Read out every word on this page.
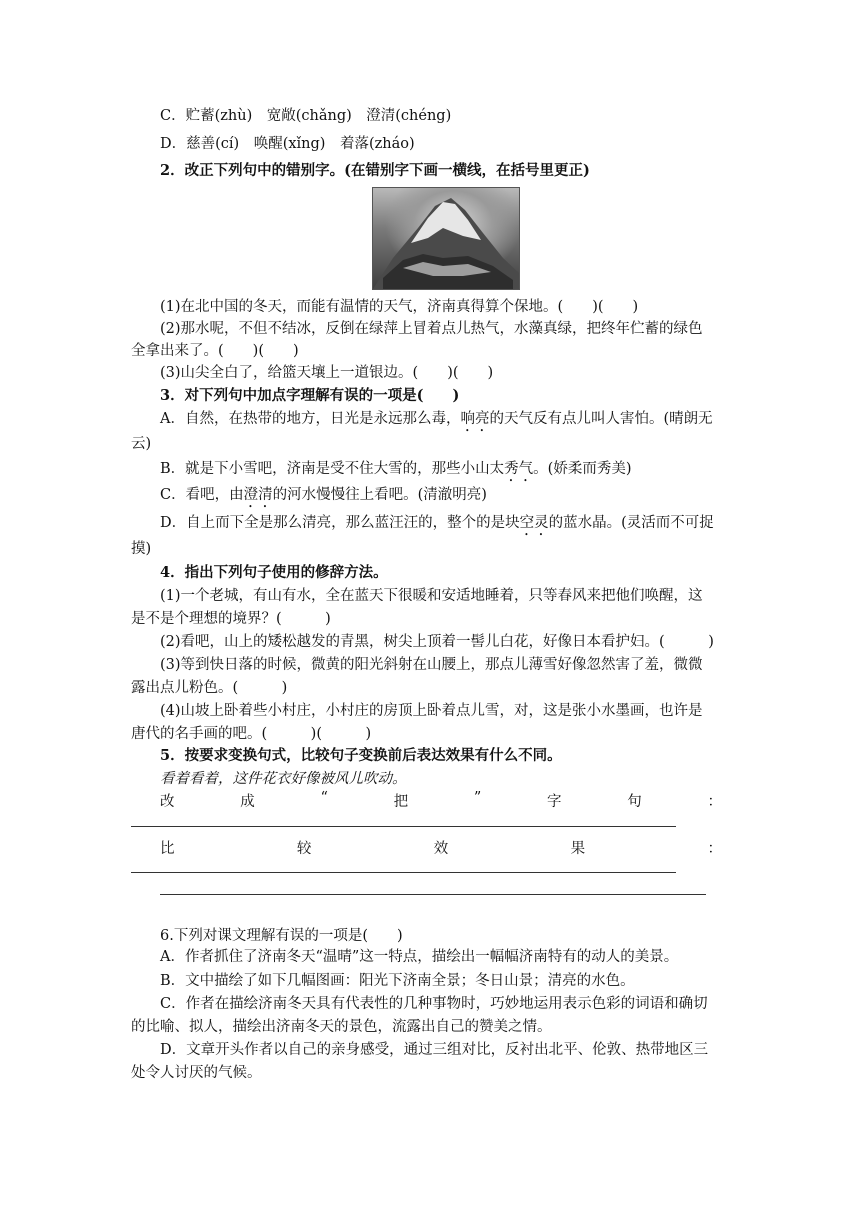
C．贮蓄(zhù)　宽敞(chǎng)　澄清(chéng)
D．慈善(cí)　唤醒(xǐng)　着落(zháo)
2．改正下列句中的错别字。(在错别字下画一横线，在括号里更正)
(1)在北中国的冬天，而能有温情的天气，济南真得算个保地。(　　)(　　)
(2)那水呢，不但不结冰，反倒在绿萍上冒着点儿热气，水藻真绿，把终年伫蓄的绿色
全拿出来了。(　　)(　　)
(3)山尖全白了，给篮天壤上一道银边。(　　)(　　)
3．对下列句中加点字理解有误的一项是(　　)
A．自然，在热带的地方，日光是永远那么毒，响亮的天气反有点儿叫人害怕。(晴朗无
云)
B．就是下小雪吧，济南是受不住大雪的，那些小山太秀气。(娇柔而秀美)
C．看吧，由澄清的河水慢慢往上看吧。(清澈明亮)
D．自上而下全是那么清亮，那么蓝汪汪的，整个的是块空灵的蓝水晶。(灵活而不可捉
摸)
4．指出下列句子使用的修辞方法。
(1)一个老城，有山有水，全在蓝天下很暖和安适地睡着，只等春风来把他们唤醒，这
是不是个理想的境界？(　　　)
(2)看吧，山上的矮松越发的青黑，树尖上顶着一髻儿白花，好像日本看护妇。(　　　)
(3)等到快日落的时候，微黄的阳光斜射在山腰上，那点儿薄雪好像忽然害了羞，微微
露出点儿粉色。(　　　)
(4)山坡上卧着些小村庄，小村庄的房顶上卧着点儿雪，对，这是张小水墨画，也许是
唐代的名手画的吧。(　　　)(　　　)
5．按要求变换句式，比较句子变换前后表达效果有什么不同。
看着看着，这件花衣好像被风儿吹动。
改	成	“	把	”	字	句	：
比	较	效	果	：
6.下列对课文理解有误的一项是(　　)
A．作者抓住了济南冬天“温晴”这一特点，描绘出一幅幅济南特有的动人的美景。
B．文中描绘了如下几幅图画：阳光下济南全景；冬日山景；清亮的水色。
C．作者在描绘济南冬天具有代表性的几种事物时，巧妙地运用表示色彩的词语和确切
的比喻、拟人，描绘出济南冬天的景色，流露出自己的赞美之情。
D．文章开头作者以自己的亲身感受，通过三组对比，反衬出北平、伦敦、热带地区三
处令人讨厌的气候。
